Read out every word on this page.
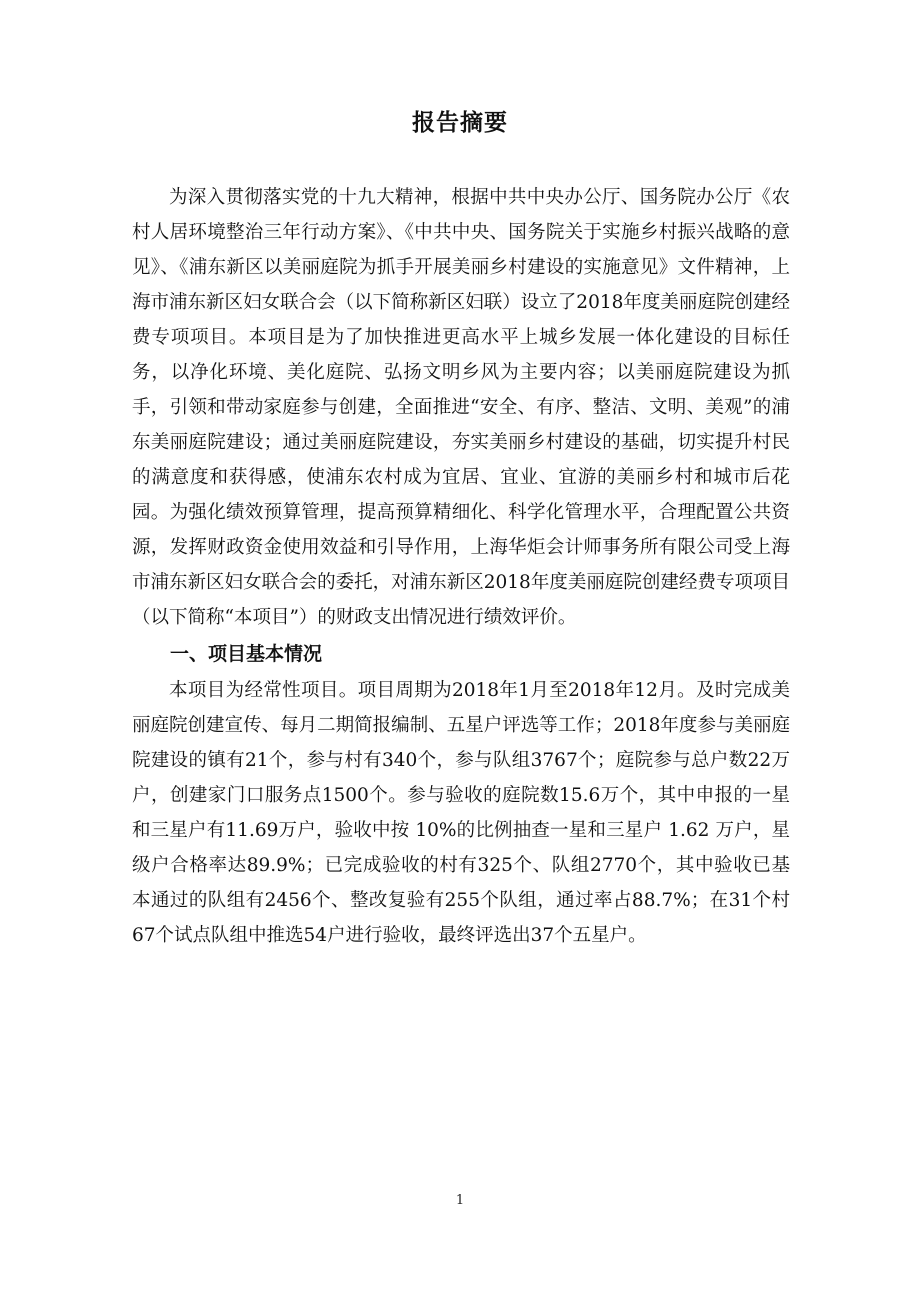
报告摘要

为深入贯彻落实党的十九大精神，根据中共中央办公厅、国务院办公厅《农村人居环境整治三年行动方案》、《中共中央、国务院关于实施乡村振兴战略的意见》、《浦东新区以美丽庭院为抓手开展美丽乡村建设的实施意见》文件精神，上海市浦东新区妇女联合会（以下简称新区妇联）设立了2018年度美丽庭院创建经费专项项目。本项目是为了加快推进更高水平上城乡发展一体化建设的目标任务，以净化环境、美化庭院、弘扬文明乡风为主要内容；以美丽庭院建设为抓手，引领和带动家庭参与创建，全面推进“安全、有序、整洁、文明、美观”的浦东美丽庭院建设；通过美丽庭院建设，夯实美丽乡村建设的基础，切实提升村民的满意度和获得感，使浦东农村成为宜居、宜业、宜游的美丽乡村和城市后花园。为强化绩效预算管理，提高预算精细化、科学化管理水平，合理配置公共资源，发挥财政资金使用效益和引导作用，上海华炬会计师事务所有限公司受上海市浦东新区妇女联合会的委托，对浦东新区2018年度美丽庭院创建经费专项项目（以下简称“本项目”）的财政支出情况进行绩效评价。

一、项目基本情况

本项目为经常性项目。项目周期为2018年1月至2018年12月。及时完成美丽庭院创建宣传、每月二期简报编制、五星户评选等工作；2018年度参与美丽庭院建设的镇有21个，参与村有340个，参与队组3767个；庭院参与总户数22万户，创建家门口服务点1500个。参与验收的庭院数15.6万个，其中申报的一星和三星户有11.69万户，验收中按 10%的比例抽查一星和三星户 1.62 万户，星级户合格率达89.9%；已完成验收的村有325个、队组2770个，其中验收已基本通过的队组有2456个、整改复验有255个队组，通过率占88.7%；在31个村67个试点队组中推选54户进行验收，最终评选出37个五星户。

1
